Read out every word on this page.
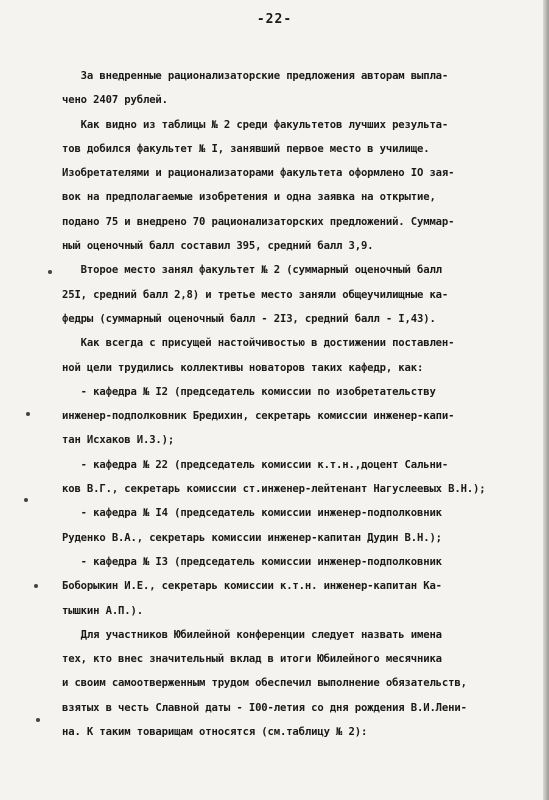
-22-
За внедренные рационализаторские предложения авторам выпла-
чено 2407 рублей.
Как видно из таблицы № 2 среди факультетов лучших результа-
тов добился факультет № I, занявший первое место в училище.
Изобретателями и рационализаторами факультета оформлено IO зая-
вок на предполагаемые изобретения и одна заявка на открытие,
подано 75 и внедрено 70 рационализаторских предложений. Суммар-
ный оценочный балл составил 395, средний балл 3,9.
Второе место занял факультет № 2 (суммарный оценочный балл
25I, средний балл 2,8) и третье место заняли общеучилищные ка-
федры (суммарный оценочный балл - 2I3, средний балл - I,43).
Как всегда с присущей настойчивостью в достижении поставлен-
ной цели трудились коллективы новаторов таких кафедр, как:
- кафедра № I2 (председатель комиссии по изобретательству
инженер-подполковник Бредихин, секретарь комиссии инженер-капи-
тан Исхаков И.З.);
- кафедра № 22 (председатель комиссии к.т.н.,доцент Сальни-
ков В.Г., секретарь комиссии ст.инженер-лейтенант Нагуслеевых В.Н.);
- кафедра № I4 (председатель комиссии инженер-подполковник
Руденко В.А., секретарь комиссии инженер-капитан Дудин В.Н.);
- кафедра № I3 (председатель комиссии инженер-подполковник
Боборыкин И.Е., секретарь комиссии к.т.н. инженер-капитан Ка-
тышкин А.П.).
Для участников Юбилейной конференции следует назвать имена
тех, кто внес значительный вклад в итоги Юбилейного месячника
и своим самоотверженным трудом обеспечил выполнение обязательств,
взятых в честь Славной даты - I00-летия со дня рождения В.И.Лени-
на. К таким товарищам относятся (см.таблицу № 2):
